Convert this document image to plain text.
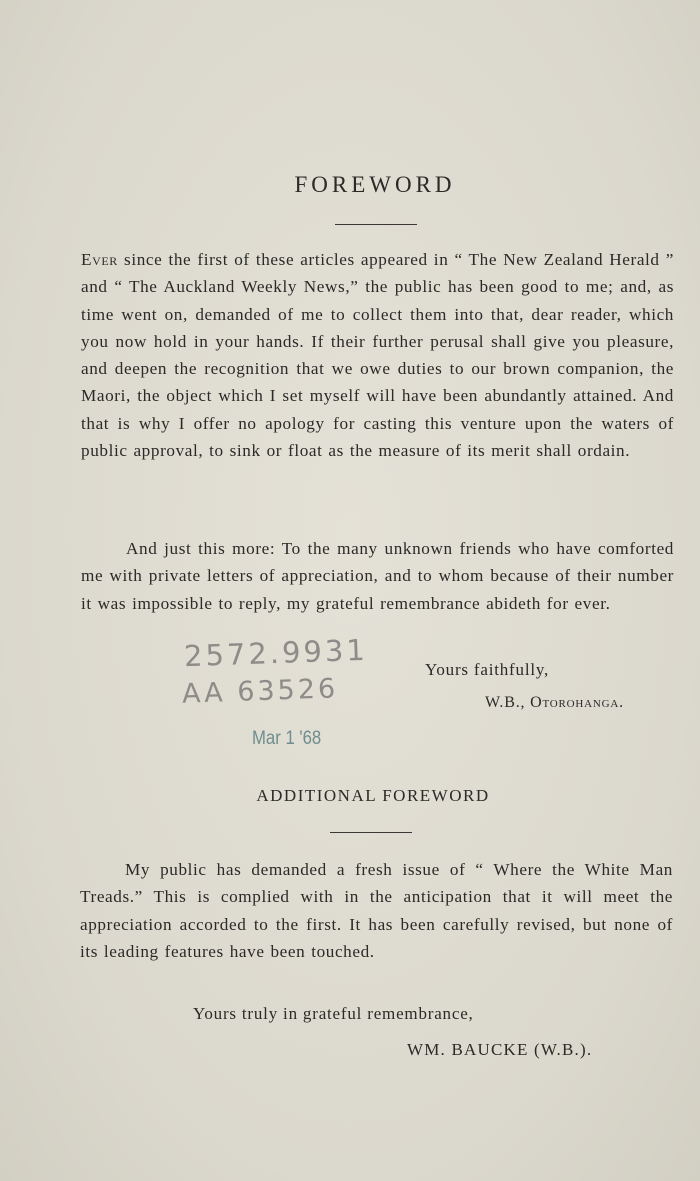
FOREWORD
Ever since the first of these articles appeared in “ The New Zealand Herald ” and “ The Auckland Weekly News,” the public has been good to me; and, as time went on, demanded of me to collect them into that, dear reader, which you now hold in your hands. If their further perusal shall give you pleasure, and deepen the recognition that we owe duties to our brown companion, the Maori, the object which I set myself will have been abundantly attained. And that is why I offer no apology for casting this venture upon the waters of public approval, to sink or float as the measure of its merit shall ordain.
And just this more: To the many unknown friends who have comforted me with private letters of appreciation, and to whom because of their number it was impossible to reply, my grateful remembrance abideth for ever.
2572.9931
AA 63526
Yours faithfully,
W.B., Otorohanga.
Mar 1 '68
ADDITIONAL FOREWORD
My public has demanded a fresh issue of “ Where the White Man Treads.” This is complied with in the anticipation that it will meet the appreciation accorded to the first. It has been carefully revised, but none of its leading features have been touched.
Yours truly in grateful remembrance,
WM. BAUCKE (W.B.).
